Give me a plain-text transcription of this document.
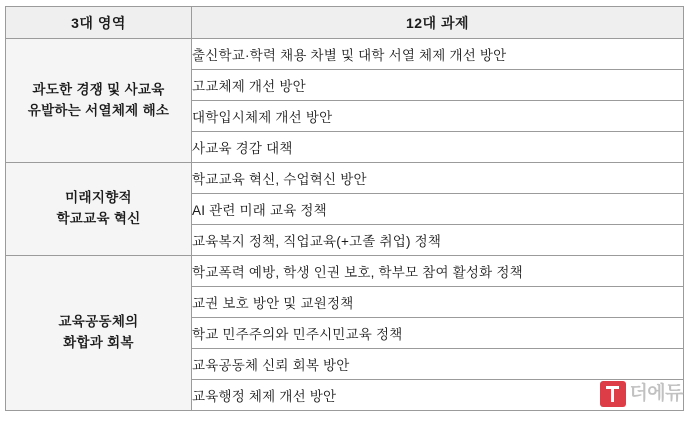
3대 영역	12대 과제

과도한 경쟁 및 사교육
유발하는 서열체제 해소	출신학교·학력 채용 차별 및 대학 서열 체제 개선 방안
	고교체제 개선 방안
	대학입시체제 개선 방안
	사교육 경감 대책

미래지향적
학교교육 혁신	학교교육 혁신, 수업혁신 방안
	AI 관련 미래 교육 정책
	교육복지 정책, 직업교육(+고졸 취업) 정책

교육공동체의
화합과 회복	학교폭력 예방, 학생 인권 보호, 학부모 참여 활성화 정책
	교권 보호 방안 및 교원정책
	학교 민주주의와 민주시민교육 정책
	교육공동체 신뢰 회복 방안
	교육행정 체제 개선 방안	더에듀
